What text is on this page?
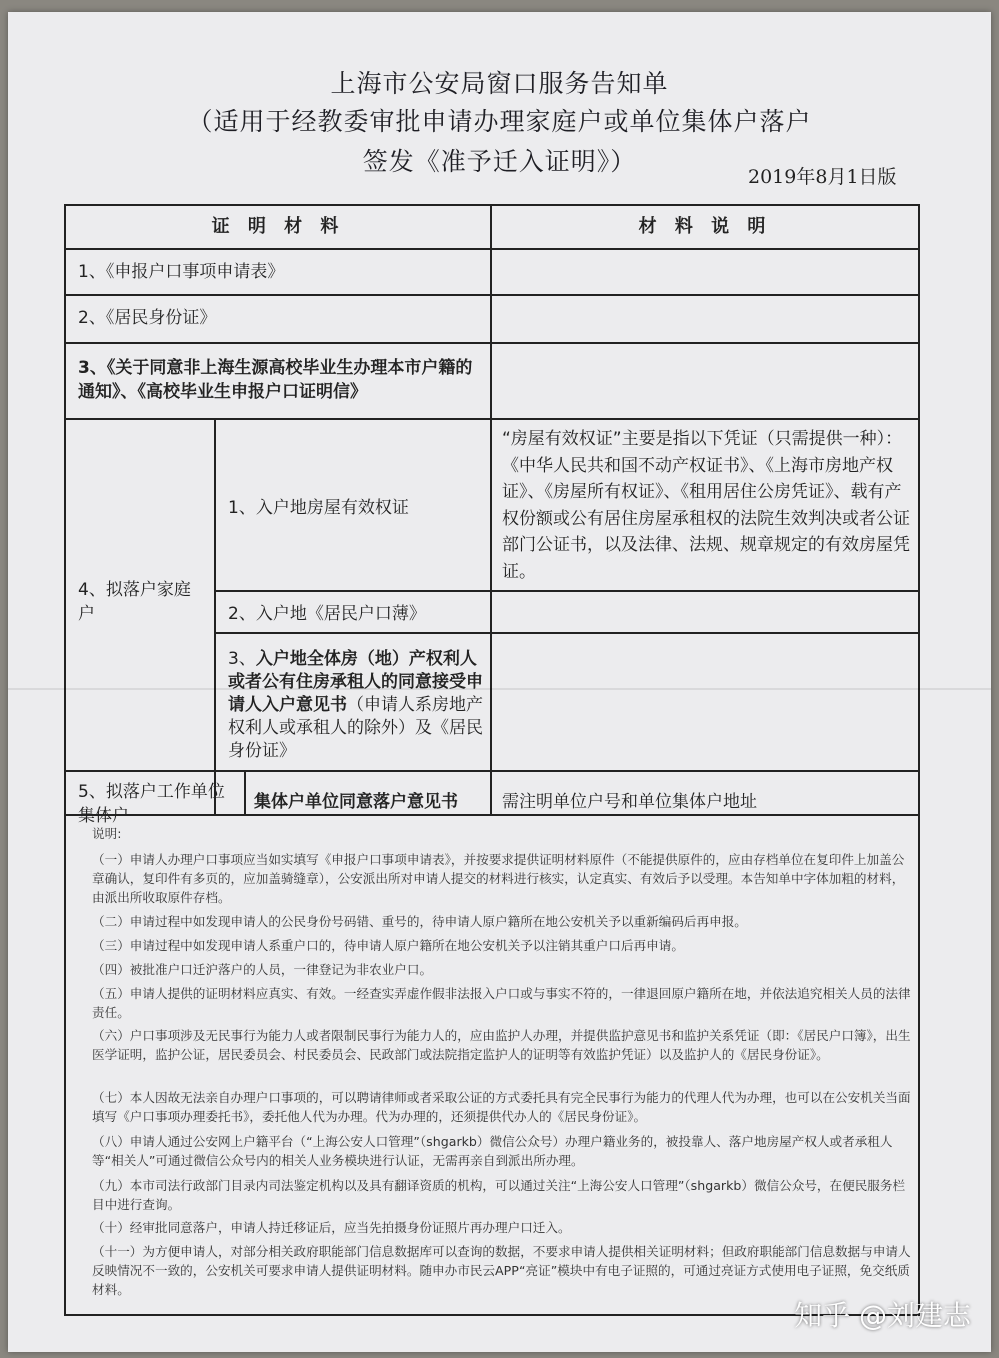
上海市公安局窗口服务告知单
（适用于经教委审批申请办理家庭户或单位集体户落户
签发《准予迁入证明》）
2019年8月1日版
证 明 材 料	材 料 说 明
1、《申报户口事项申请表》
2、《居民身份证》
3、《关于同意非上海生源高校毕业生办理本市户籍的通知》、《高校毕业生申报户口证明信》
4、拟落户家庭户
1、入户地房屋有效权证
“房屋有效权证”主要是指以下凭证（只需提供一种）：《中华人民共和国不动产权证书》、《上海市房地产权证》、《房屋所有权证》、《租用居住公房凭证》、载有产权份额或公有居住房屋承租权的法院生效判决或者公证部门公证书，以及法律、法规、规章规定的有效房屋凭证。
2、入户地《居民户口薄》
3、入户地全体房（地）产权利人或者公有住房承租人的同意接受申请人入户意见书（申请人系房地产权利人或承租人的除外）及《居民身份证》
5、拟落户工作单位集体户
集体户单位同意落户意见书	需注明单位户号和单位集体户地址
说明:
（一）申请人办理户口事项应当如实填写《申报户口事项申请表》，并按要求提供证明材料原件（不能提供原件的，应由存档单位在复印件上加盖公章确认，复印件有多页的，应加盖骑缝章），公安派出所对申请人提交的材料进行核实，认定真实、有效后予以受理。本告知单中字体加粗的材料，由派出所收取原件存档。
（二）申请过程中如发现申请人的公民身份号码错、重号的，待申请人原户籍所在地公安机关予以重新编码后再申报。
（三）申请过程中如发现申请人系重户口的，待申请人原户籍所在地公安机关予以注销其重户口后再申请。
（四）被批准户口迁沪落户的人员，一律登记为非农业户口。
（五）申请人提供的证明材料应真实、有效。一经查实弄虚作假非法报入户口或与事实不符的，一律退回原户籍所在地，并依法追究相关人员的法律责任。
（六）户口事项涉及无民事行为能力人或者限制民事行为能力人的，应由监护人办理，并提供监护意见书和监护关系凭证（即：《居民户口簿》，出生医学证明，监护公证，居民委员会、村民委员会、民政部门或法院指定监护人的证明等有效监护凭证）以及监护人的《居民身份证》。
（七）本人因故无法亲自办理户口事项的，可以聘请律师或者采取公证的方式委托具有完全民事行为能力的代理人代为办理，也可以在公安机关当面填写《户口事项办理委托书》，委托他人代为办理。代为办理的，还须提供代办人的《居民身份证》。
（八）申请人通过公安网上户籍平台（“上海公安人口管理”（shgarkb）微信公众号）办理户籍业务的，被投靠人、落户地房屋产权人或者承租人等“相关人”可通过微信公众号内的相关人业务模块进行认证，无需再亲自到派出所办理。
（九）本市司法行政部门目录内司法鉴定机构以及具有翻译资质的机构，可以通过关注“上海公安人口管理”（shgarkb）微信公众号，在便民服务栏目中进行查询。
（十）经审批同意落户，申请人持迁移证后，应当先拍摄身份证照片再办理户口迁入。
（十一）为方便申请人，对部分相关政府职能部门信息数据库可以查询的数据，不要求申请人提供相关证明材料；但政府职能部门信息数据与申请人反映情况不一致的，公安机关可要求申请人提供证明材料。随申办市民云APP“亮证”模块中有电子证照的，可通过亮证方式使用电子证照，免交纸质材料。
知乎 @刘建志
